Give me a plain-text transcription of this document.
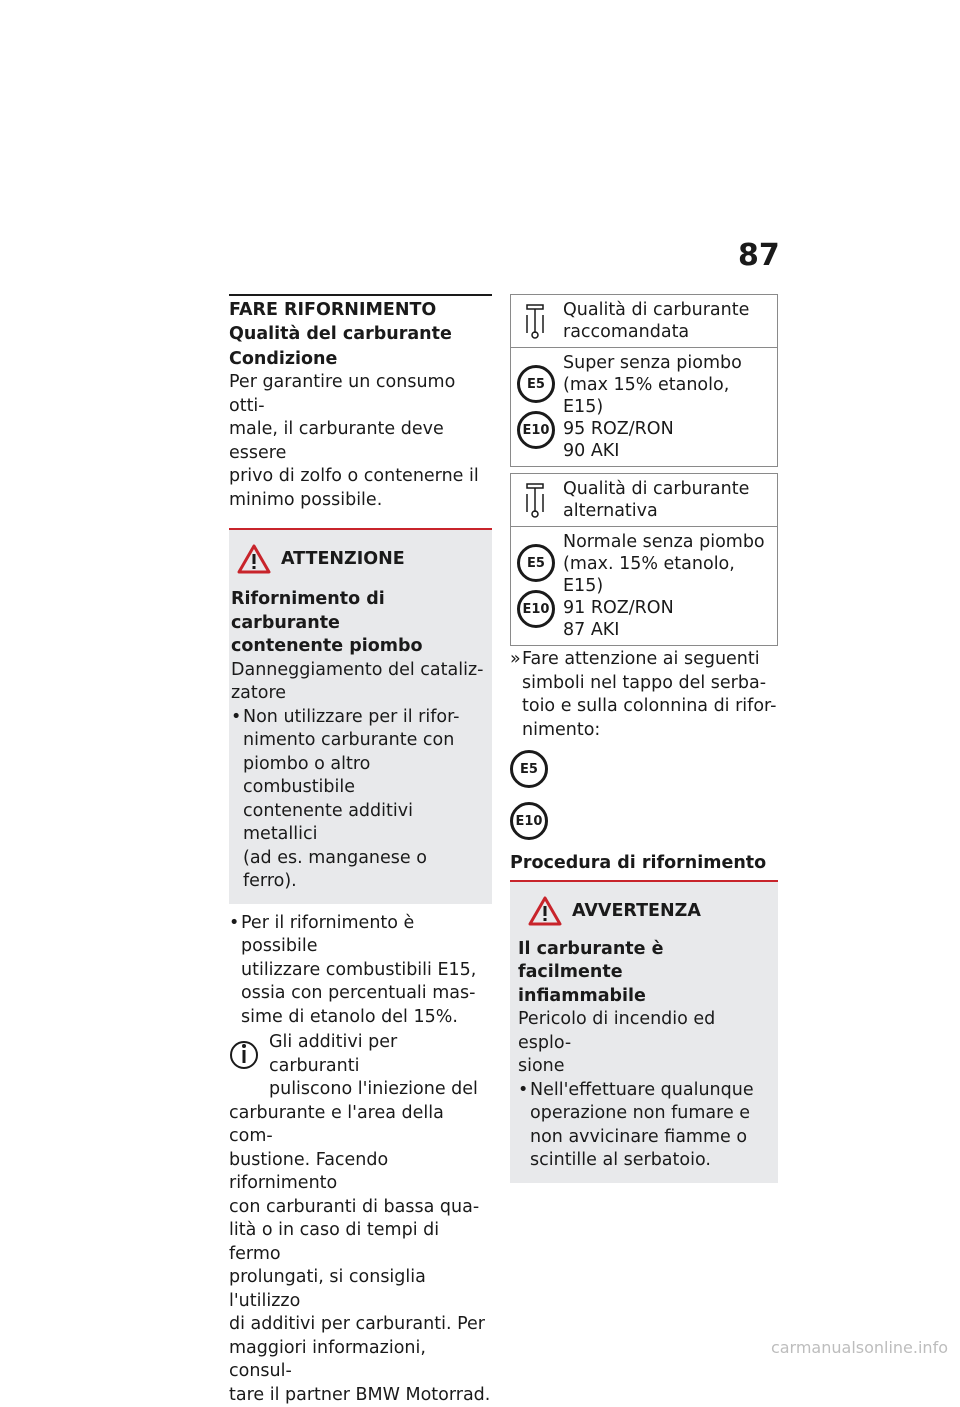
87
FARE RIFORNIMENTO
Qualità del carburante
Condizione
Per garantire un consumo otti-
male, il carburante deve essere
privo di zolfo o contenerne il
minimo possibile.
ATTENZIONE
Rifornimento di carburante
contenente piombo
Danneggiamento del cataliz-
zatore
• Non utilizzare per il rifor-
nimento carburante con
piombo o altro combustibile
contenente additivi metallici
(ad es. manganese o ferro).
• Per il rifornimento è possibile
utilizzare combustibili E15,
ossia con percentuali mas-
sime di etanolo del 15%.
Gli additivi per carburanti
puliscono l'iniezione del
carburante e l'area della com-
bustione. Facendo rifornimento
con carburanti di bassa qua-
lità o in caso di tempi di fermo
prolungati, si consiglia l'utilizzo
di additivi per carburanti. Per
maggiori informazioni, consul-
tare il partner BMW Motorrad.
Qualità di carburante
raccomandata
E5
E10
Super senza piombo
(max 15% etanolo, E15)
95 ROZ/RON
90 AKI
Qualità di carburante
alternativa
E5
E10
Normale senza piombo
(max. 15% etanolo,
E15)
91 ROZ/RON
87 AKI
» Fare attenzione ai seguenti
simboli nel tappo del serba-
toio e sulla colonnina di rifor-
nimento:
E5
E10
Procedura di rifornimento
AVVERTENZA
Il carburante è facilmente
infiammabile
Pericolo di incendio ed esplo-
sione
• Nell'effettuare qualunque
operazione non fumare e
non avvicinare fiamme o
scintille al serbatoio.
carmanualsonline.info
